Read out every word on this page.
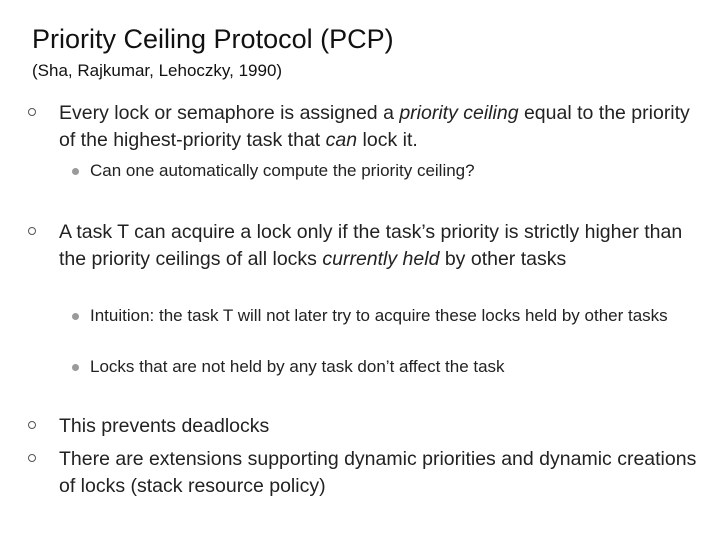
Priority Ceiling Protocol (PCP)
(Sha, Rajkumar, Lehoczky, 1990)
Every lock or semaphore is assigned a priority ceiling equal to the priority of the highest-priority task that can lock it.
Can one automatically compute the priority ceiling?
A task T can acquire a lock only if the task’s priority is strictly higher than the priority ceilings of all locks currently held by other tasks
Intuition: the task T will not later try to acquire these locks held by other tasks
Locks that are not held by any task don’t affect the task
This prevents deadlocks
There are extensions supporting dynamic priorities and dynamic creations of locks (stack resource policy)
